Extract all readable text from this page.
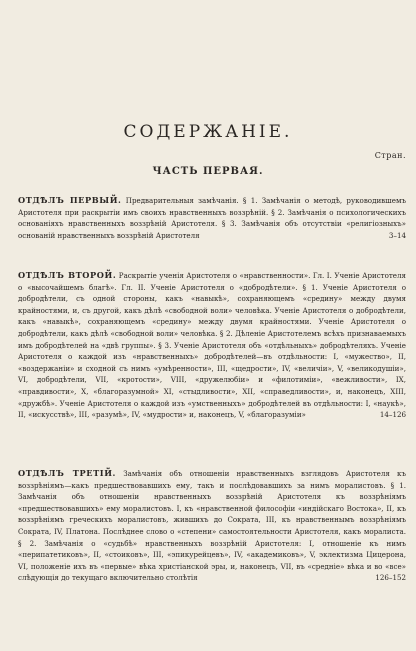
СОДЕРЖАНІЕ.
Стран.
ЧАСТЬ ПЕРВАЯ.
ОТДѢЛЪ ПЕРВЫЙ. Предварительныя замѣчанія. § 1. Замѣчанія о методѣ, руководившемъ Аристотеля при раскрытіи имъ своихъ нравственныхъ воззрѣній. § 2. Замѣчанія о психологическихъ основаніяхъ нравственныхъ воззрѣній Аристотеля. § 3. Замѣчанія объ отсутствіи «религіозныхъ» основаній нравственныхъ воззрѣній Аристотеля	3–14
ОТДѢЛЪ ВТОРОЙ. Раскрытіе ученія Аристотеля о «нравственности». Гл. I. Ученіе Аристотеля о «высочайшемъ благѣ». Гл. II. Ученіе Аристотеля о «добродѣтели». § 1. Ученіе Аристотеля о добродѣтели, съ одной стороны, какъ «навыкѣ», сохраняющемъ «средину» между двумя крайностями, и, съ другой, какъ дѣлѣ «свободной воли» человѣка. Ученіе Аристотеля о добродѣтели, какъ «навыкѣ», сохраняющемъ «средину» между двумя крайностями. Ученіе Аристотеля о добродѣтели, какъ дѣлѣ «свободной воли» человѣка. § 2. Дѣленіе Аристотелемъ всѣхъ признаваемыхъ имъ добродѣтелей на «двѣ группы». § 3. Ученіе Аристотеля объ «отдѣльныхъ» добродѣтеляхъ. Ученіе Аристотеля о каждой изъ «нравственныхъ» добродѣтелей—въ отдѣльности: I, «мужество», II, «воздержаніи» и сходной съ нимъ «умѣренности», III, «щедрости», IV, «величіи», V, «великодушіи», VI, добродѣтели, VII, «кротости», VIII, «дружелюбіи» и «филотиміи», «вежливости», IX, «правдивости», X, «благоразумной» XI, «стыдливости», XII, «справедливости», и, наконецъ, XIII, «дружбѣ». Ученіе Аристотеля о каждой изъ «умственныхъ» добродѣтелей въ отдѣльности: I, «наукѣ», II, «искусствѣ», III, «разумѣ», IV, «мудрости» и, наконецъ, V, «благоразуміи»	14–126
ОТДѢЛЪ ТРЕТІЙ. Замѣчанія объ отношеніи нравственныхъ взглядовъ Аристотеля къ воззрѣніямъ—какъ предшествовавшихъ ему, такъ и послѣдовавшихъ за нимъ моралистовъ. § 1. Замѣчанія объ отношеніи нравственныхъ воззрѣній Аристотеля къ воззрѣніямъ «предшествовавшихъ» ему моралистовъ. I, къ «нравственной философіи «индійскаго Востока», II, къ воззрѣніямъ греческихъ моралистовъ, жившихъ до Сократа, III, къ нравственнымъ воззрѣніямъ Сократа, IV, Платона. Послѣднее слово о «степени» самостоятельности Аристотеля, какъ моралиста. § 2. Замѣчанія о «судьбѣ» нравственныхъ воззрѣній Аристотеля: I, отношеніе къ нимъ «перипатетиковъ», II, «стоиковъ», III, «эпикурейцевъ», IV, «академиковъ», V, эклектизма Цицерона, VI, положеніе ихъ въ «первые» вѣка христіанской эры, и, наконецъ, VII, въ «средніе» вѣка и во «все» слѣдующія до текущаго включительно столѣтія	126–152
